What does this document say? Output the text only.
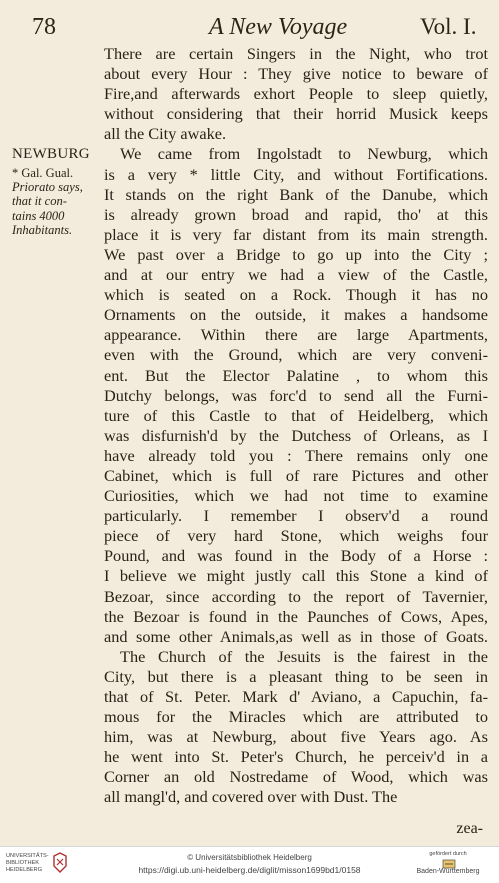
78	A New Voyage	Vol. I.
NEWBURG
* Gal. Gual.
Priorato says,
that it con-
tains 4000
Inhabitants.
There are certain Singers in the Night, who trot
about every Hour : They give notice to beware of
Fire,and afterwards exhort People to sleep quietly,
without considering that their horrid Musick keeps
all the City awake.
We came from Ingolstadt to Newburg, which
is a very * little City, and without Fortifications.
It stands on the right Bank of the Danube, which
is already grown broad and rapid, tho' at this
place it is very far distant from its main strength.
We past over a Bridge to go up into the City ;
and at our entry we had a view of the Castle,
which is seated on a Rock. Though it has no
Ornaments on the outside, it makes a handsome
appearance. Within there are large Apartments,
even with the Ground, which are very conveni-
ent. But the Elector Palatine , to whom this
Dutchy belongs, was forc'd to send all the Furni-
ture of this Castle to that of Heidelberg, which
was disfurnish'd by the Dutchess of Orleans, as I
have already told you : There remains only one
Cabinet, which is full of rare Pictures and other
Curiosities, which we had not time to examine
particularly. I remember I observ'd a round
piece of very hard Stone, which weighs four
Pound, and was found in the Body of a Horse :
I believe we might justly call this Stone a kind of
Bezoar, since according to the report of Tavernier,
the Bezoar is found in the Paunches of Cows, Apes,
and some other Animals,as well as in those of Goats.
The Church of the Jesuits is the fairest in the
City, but there is a pleasant thing to be seen in
that of St. Peter. Mark d' Aviano, a Capuchin, fa-
mous for the Miracles which are attributed to
him, was at Newburg, about five Years ago. As
he went into St. Peter's Church, he perceiv'd in a
Corner an old Nostredame of Wood, which was
all mangl'd, and covered over with Dust. The
zea-
UNIVERSITÄTS-
BIBLIOTHEK
HEIDELBERG
© Universitätsbibliothek Heidelberg
https://digi.ub.uni-heidelberg.de/diglit/misson1699bd1/0158
gefördert durch
Baden-Württemberg
